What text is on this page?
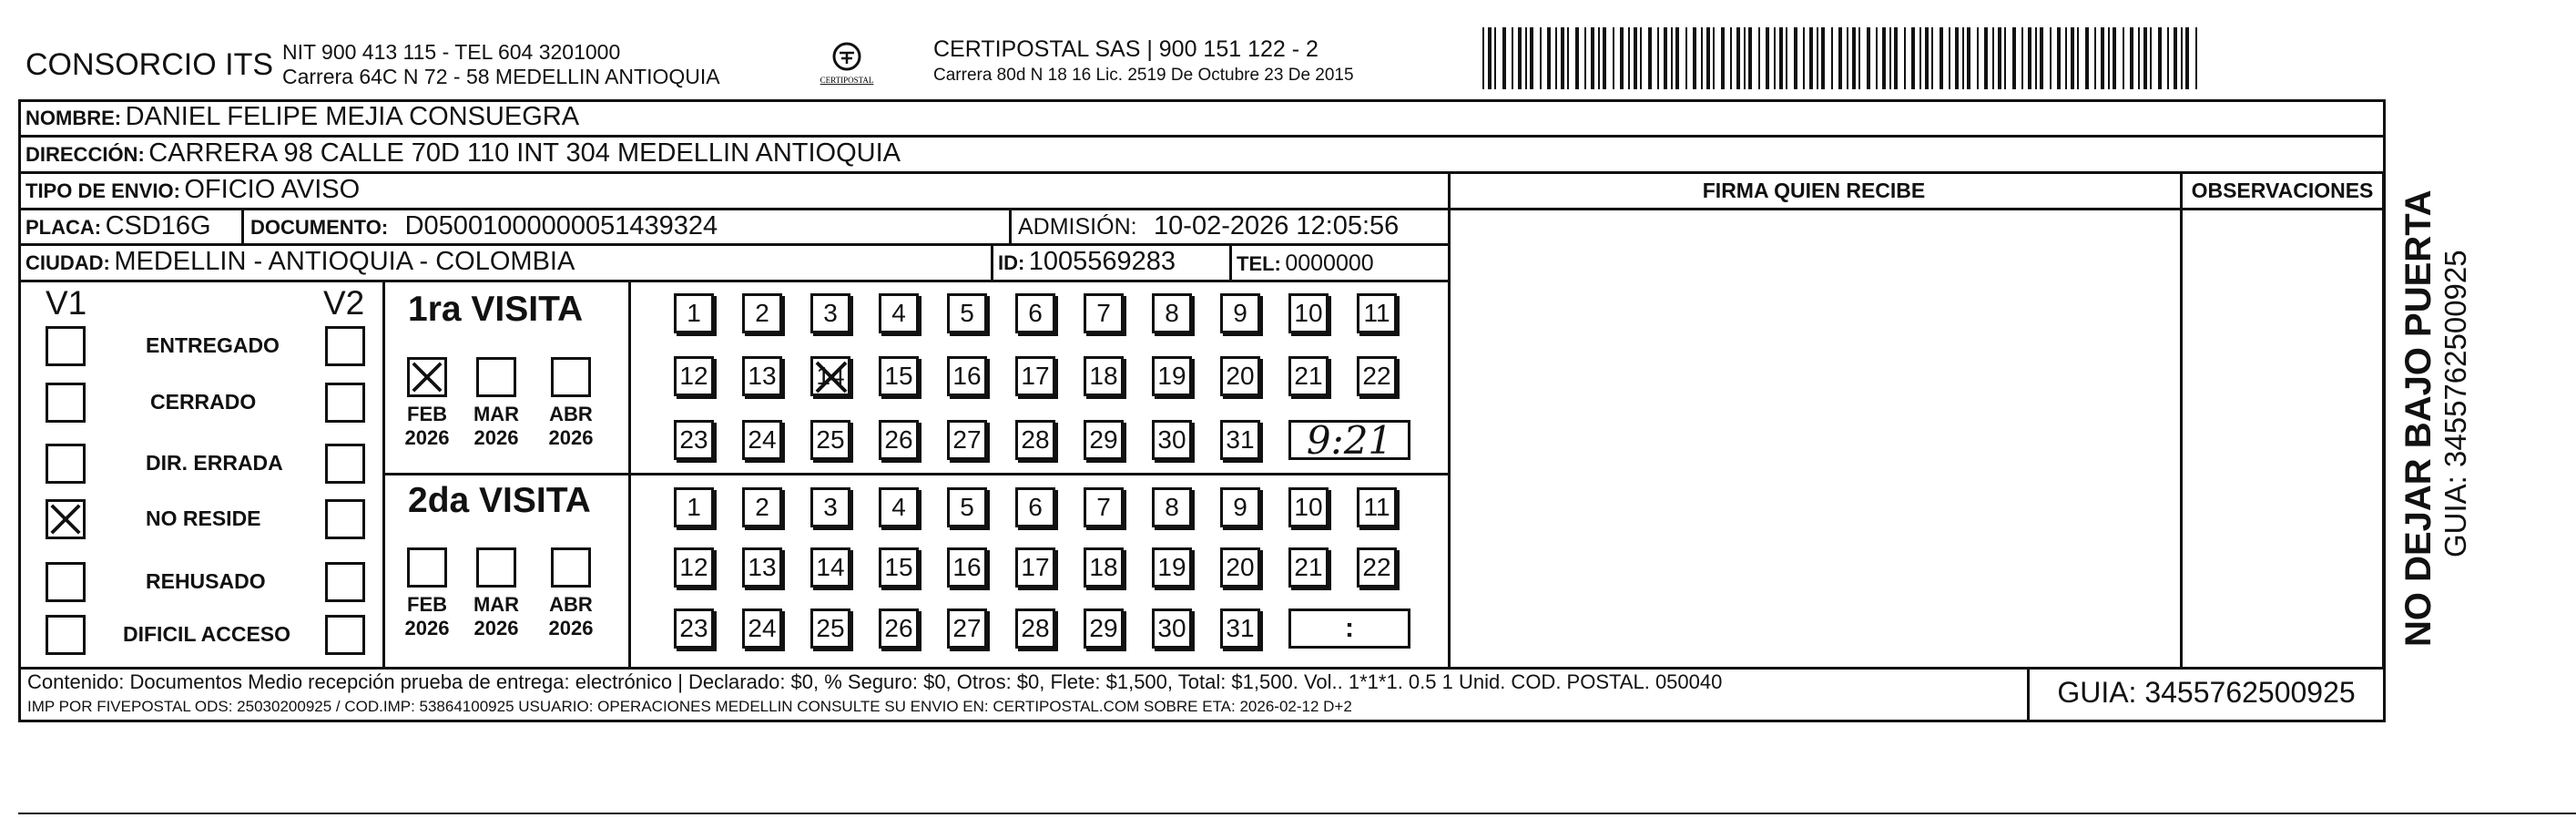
CONSORCIO ITS NIT 900 413 115 - TEL 604 3201000
Carrera 64C N 72 - 58 MEDELLIN ANTIOQUIA	CERTIPOSTAL
CERTIPOSTAL SAS | 900 151 122 - 2
Carrera 80d N 18 16 Lic. 2519 De Octubre 23 De 2015
FIRMA QUIEN RECIBE	OBSERVACIONES
NOMBRE: DANIEL FELIPE MEJIA CONSUEGRA
DIRECCIÓN: CARRERA 98 CALLE 70D 110 INT 304 MEDELLIN ANTIOQUIA
TIPO DE ENVIO: OFICIO AVISO
PLACA: CSD16G DOCUMENTO: D05001000000051439324	ADMISIÓN: 10-02-2026 12:05:56
CIUDAD: MEDELLIN - ANTIOQUIA - COLOMBIA	ID: 1005569283	TEL: 0000000
V1	V2
ENTREGADO
CERRADO
DIR. ERRADA
NO RESIDE
REHUSADO
DIFICIL ACCESO
1ra VISITA
2da VISITA
FEB
2026
MAR
2026
ABR
2026
FEB
2026
MAR
2026
ABR
2026
1	2	3	4	5	6	7	8	9	10 11
12 13 14 15 16 17 18 19 20 21 22
23 24 25 26 27 28 29 30 31	9:21
1	2	3	4	5	6	7	8	9	10 11
12 13 14 15 16 17 18 19 20 21 22
23 24 25 26 27 28 29 30 31	:
Contenido: Documentos Medio recepción prueba de entrega: electrónico | Declarado: $0, % Seguro: $0, Otros: $0, Flete: $1,500, Total: $1,500. Vol.. 1*1*1. 0.5 1 Unid. COD. POSTAL. 050040
IMP POR FIVEPOSTAL ODS: 25030200925 / COD.IMP: 53864100925 USUARIO: OPERACIONES MEDELLIN CONSULTE SU ENVIO EN: CERTIPOSTAL.COM SOBRE ETA: 2026-02-12 D+2	GUIA: 3455762500925
NO DEJAR BAJO PUERTA GUIA: 3455762500925
